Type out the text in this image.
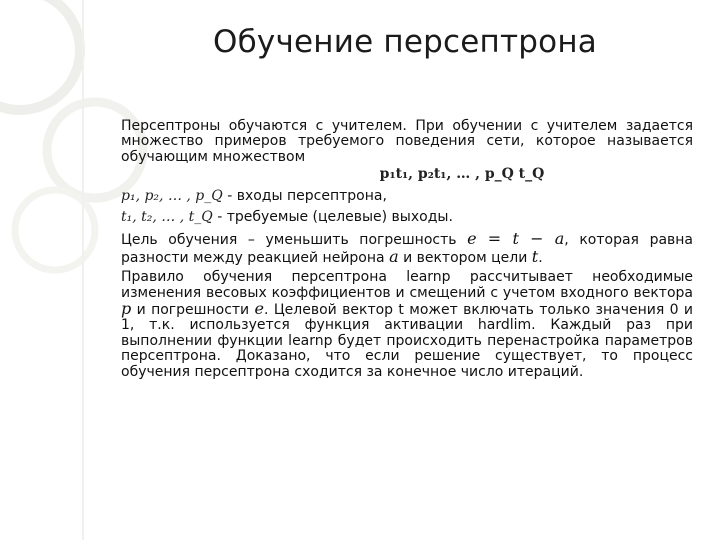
Обучение персептрона

Персептроны обучаются с учителем. При обучении с учителем задается множество примеров требуемого поведения сети, которое называется обучающим множеством

p₁t₁, p₂t₁, … , p_Q t_Q

p₁, p₂, … , p_Q - входы персептрона,

t₁, t₂, … , t_Q - требуемые (целевые) выходы.

Цель обучения – уменьшить погрешность e = t − a, которая равна разности между реакцией нейрона a и вектором цели t.

Правило обучения персептрона learnp рассчитывает необходимые изменения весовых коэффициентов и смещений с учетом входного вектора p и погрешности e. Целевой вектор t может включать только значения 0 и 1, т.к. используется функция активации hardlim. Каждый раз при выполнении функции learnp будет происходить перенастройка параметров персептрона. Доказано, что если решение существует, то процесс обучения персептрона сходится за конечное число итераций.
